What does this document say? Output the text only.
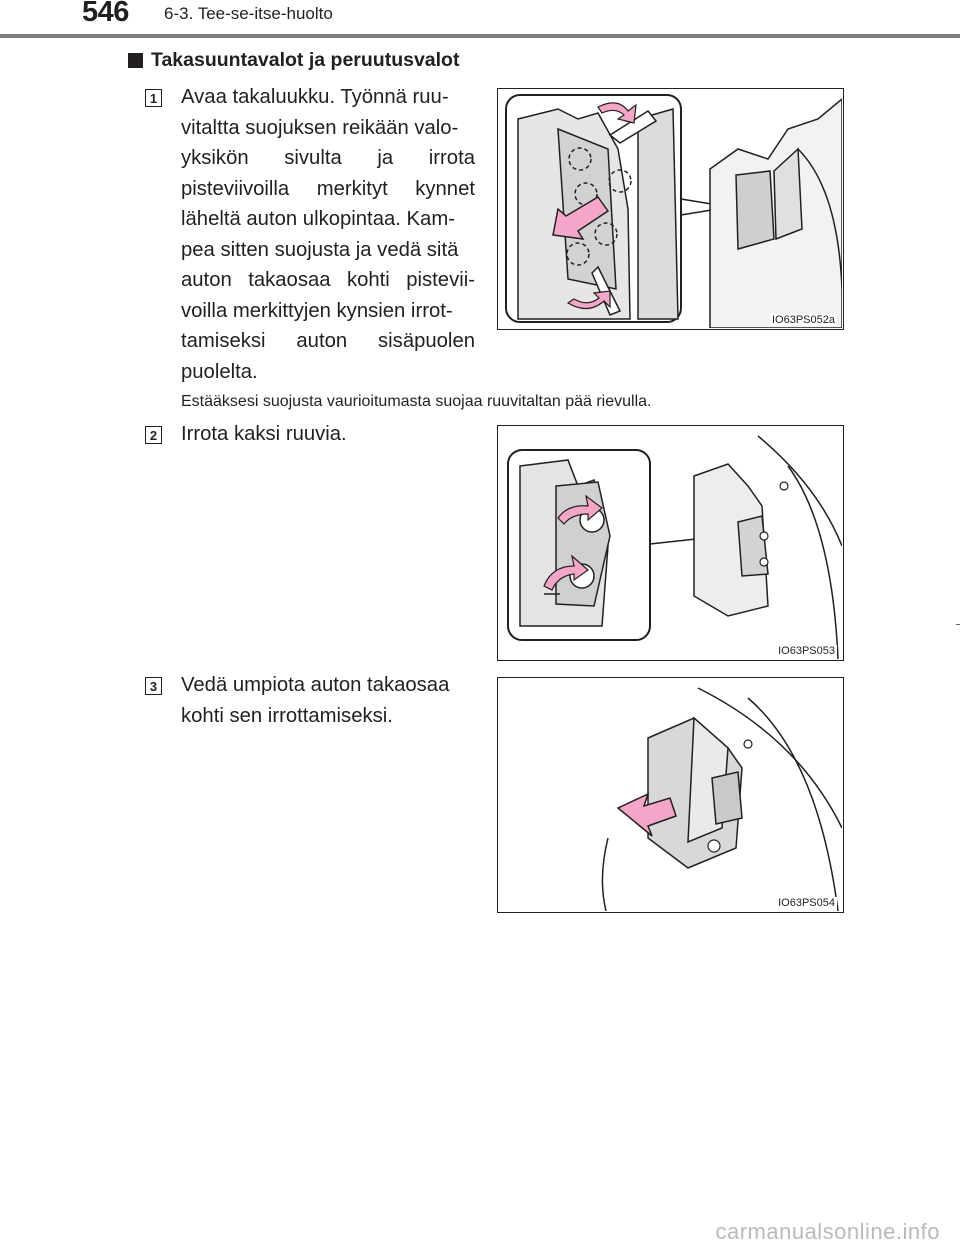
546 6-3. Tee-se-itse-huolto
Takasuuntavalot ja peruutusvalot
1 Avaa takaluukku. Työnnä ruu-
vitaltta suojuksen reikään valo-
yksikön sivulta ja irrota
pisteviivoilla merkityt kynnet
läheltä auton ulkopintaa. Kam-
pea sitten suojusta ja vedä sitä
auton takaosaa kohti pistevii-
voilla merkittyjen kynsien irrot-
tamiseksi auton sisäpuolen
puolelta.
IO63PS052a
Estääksesi suojusta vaurioitumasta suojaa ruuvitaltan pää rievulla.
2 Irrota kaksi ruuvia.
IO63PS053
3 Vedä umpiota auton takaosaa
kohti sen irrottamiseksi.
IO63PS054
carmanualsonline.info
